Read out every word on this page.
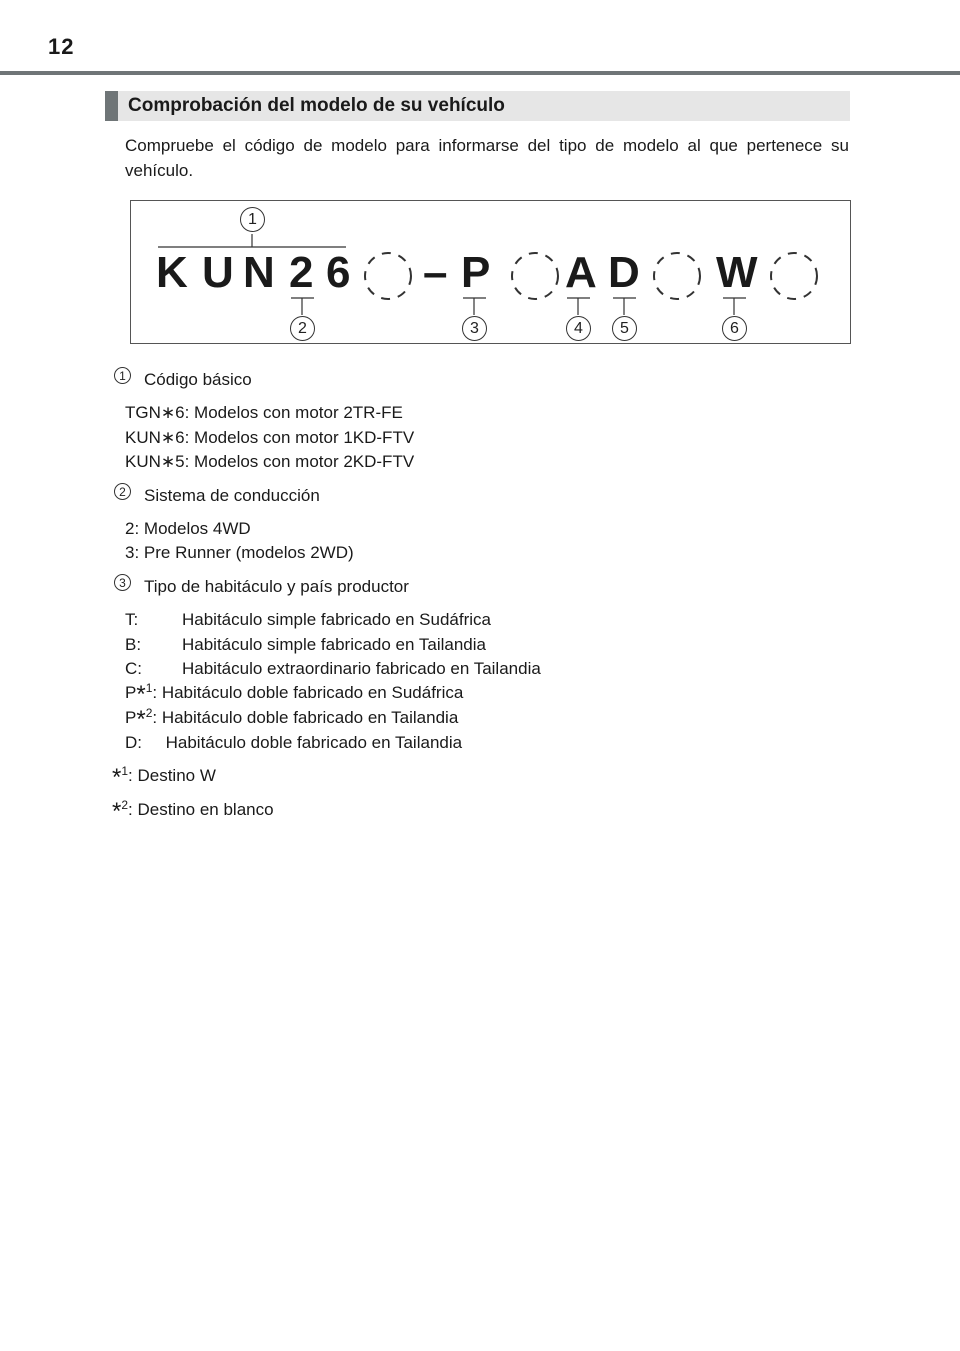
12
Comprobación del modelo de su vehículo
Compruebe el código de modelo para informarse del tipo de modelo al que pertenece su vehículo.
K U N 2 6 – P A D W
1
2	3	4	5	6
1	Código básico
TGN∗6: Modelos con motor 2TR-FE
KUN∗6: Modelos con motor 1KD-FTV
KUN∗5: Modelos con motor 2KD-FTV
2	Sistema de conducción
2: Modelos 4WD
3: Pre Runner (modelos 2WD)
3	Tipo de habitáculo y país productor
T:	Habitáculo simple fabricado en Sudáfrica
B: Habitáculo simple fabricado en Tailandia
C: Habitáculo extraordinario fabricado en Tailandia
P*$^1$: Habitáculo doble fabricado en Sudáfrica
P*$^2$: Habitáculo doble fabricado en Tailandia
D: Habitáculo doble fabricado en Tailandia
*$^1$: Destino W
*$^2$: Destino en blanco
